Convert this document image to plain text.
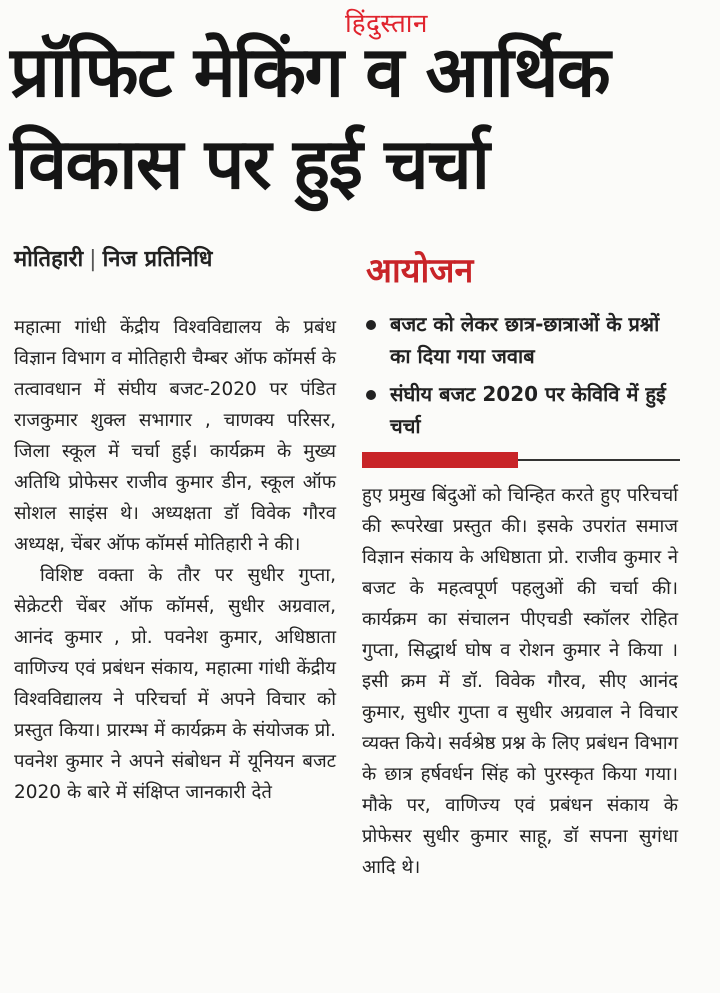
हिंदुस्तान
प्रॉफिट मेकिंग व आर्थिक विकास पर हुई चर्चा
मोतिहारी | निज प्रतिनिधि	आयोजन
बजट को लेकर छात्र-छात्राओं के प्रश्नों का दिया गया जवाब
संघीय बजट 2020 पर केविवि में हुई चर्चा

महात्मा गांधी केंद्रीय विश्वविद्यालय के प्रबंध विज्ञान विभाग व मोतिहारी चैम्बर ऑफ कॉमर्स के तत्वावधान में संघीय बजट-2020 पर पंडित राजकुमार शुक्ल सभागार , चाणक्य परिसर, जिला स्कूल में चर्चा हुई। कार्यक्रम के मुख्य अतिथि प्रोफेसर राजीव कुमार डीन, स्कूल ऑफ सोशल साइंस थे। अध्यक्षता डॉ विवेक गौरव अध्यक्ष, चेंबर ऑफ कॉमर्स मोतिहारी ने की।

विशिष्ट वक्ता के तौर पर सुधीर गुप्ता, सेक्रेटरी चेंबर ऑफ कॉमर्स, सुधीर अग्रवाल, आनंद कुमार , प्रो. पवनेश कुमार, अधिष्ठाता वाणिज्य एवं प्रबंधन संकाय, महात्मा गांधी केंद्रीय विश्वविद्यालय ने परिचर्चा में अपने विचार को प्रस्तुत किया। प्रारम्भ में कार्यक्रम के संयोजक प्रो. पवनेश कुमार ने अपने संबोधन में यूनियन बजट 2020 के बारे में संक्षिप्त जानकारी देते

हुए प्रमुख बिंदुओं को चिन्हित करते हुए परिचर्चा की रूपरेखा प्रस्तुत की। इसके उपरांत समाज विज्ञान संकाय के अधिष्ठाता प्रो. राजीव कुमार ने बजट के महत्वपूर्ण पहलुओं की चर्चा की। कार्यक्रम का संचालन पीएचडी स्कॉलर रोहित गुप्ता, सिद्धार्थ घोष व रोशन कुमार ने किया । इसी क्रम में डॉ. विवेक गौरव, सीए आनंद कुमार, सुधीर गुप्ता व सुधीर अग्रवाल ने विचार व्यक्त किये। सर्वश्रेष्ठ प्रश्न के लिए प्रबंधन विभाग के छात्र हर्षवर्धन सिंह को पुरस्कृत किया गया। मौके पर, वाणिज्य एवं प्रबंधन संकाय के प्रोफेसर सुधीर कुमार साहू, डॉ सपना सुगंधा आदि थे।
